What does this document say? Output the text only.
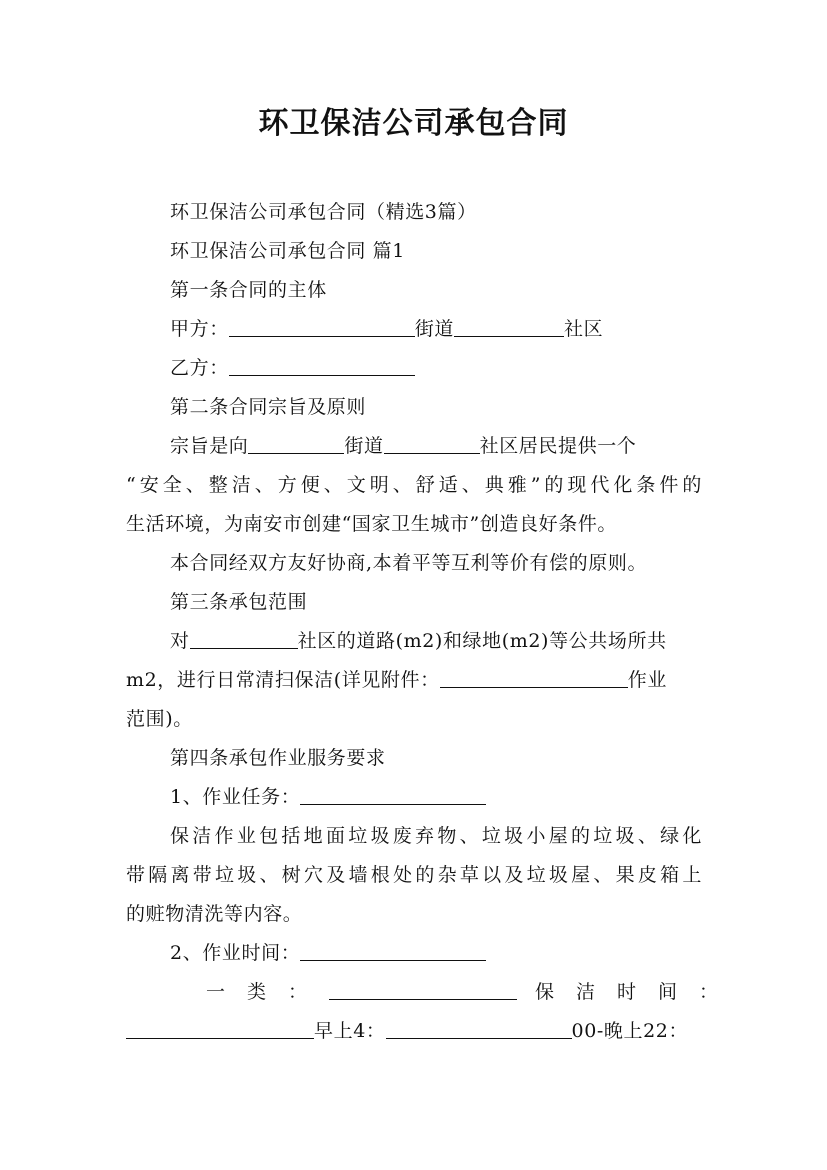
环卫保洁公司承包合同
环卫保洁公司承包合同（精选3篇）
环卫保洁公司承包合同 篇1
第一条合同的主体
甲方：	街道	社区
乙方：
第二条合同宗旨及原则
宗旨是向	街道	社区居民提供一个
“安全、整洁、方便、文明、舒适、典雅”的现代化条件的
生活环境，为南安市创建“国家卫生城市”创造良好条件。
本合同经双方友好协商,本着平等互利等价有偿的原则。
第三条承包范围
对	社区的道路(m2)和绿地(m2)等公共场所共
m2，进行日常清扫保洁(详见附件：	作业
范围)。
第四条承包作业服务要求
1、作业任务：
保洁作业包括地面垃圾废弃物、垃圾小屋的垃圾、绿化
带隔离带垃圾、树穴及墙根处的杂草以及垃圾屋、果皮箱上
的赃物清洗等内容。
2、作业时间：
一类：	保洁时间：
早上4：	00-晚上22：
